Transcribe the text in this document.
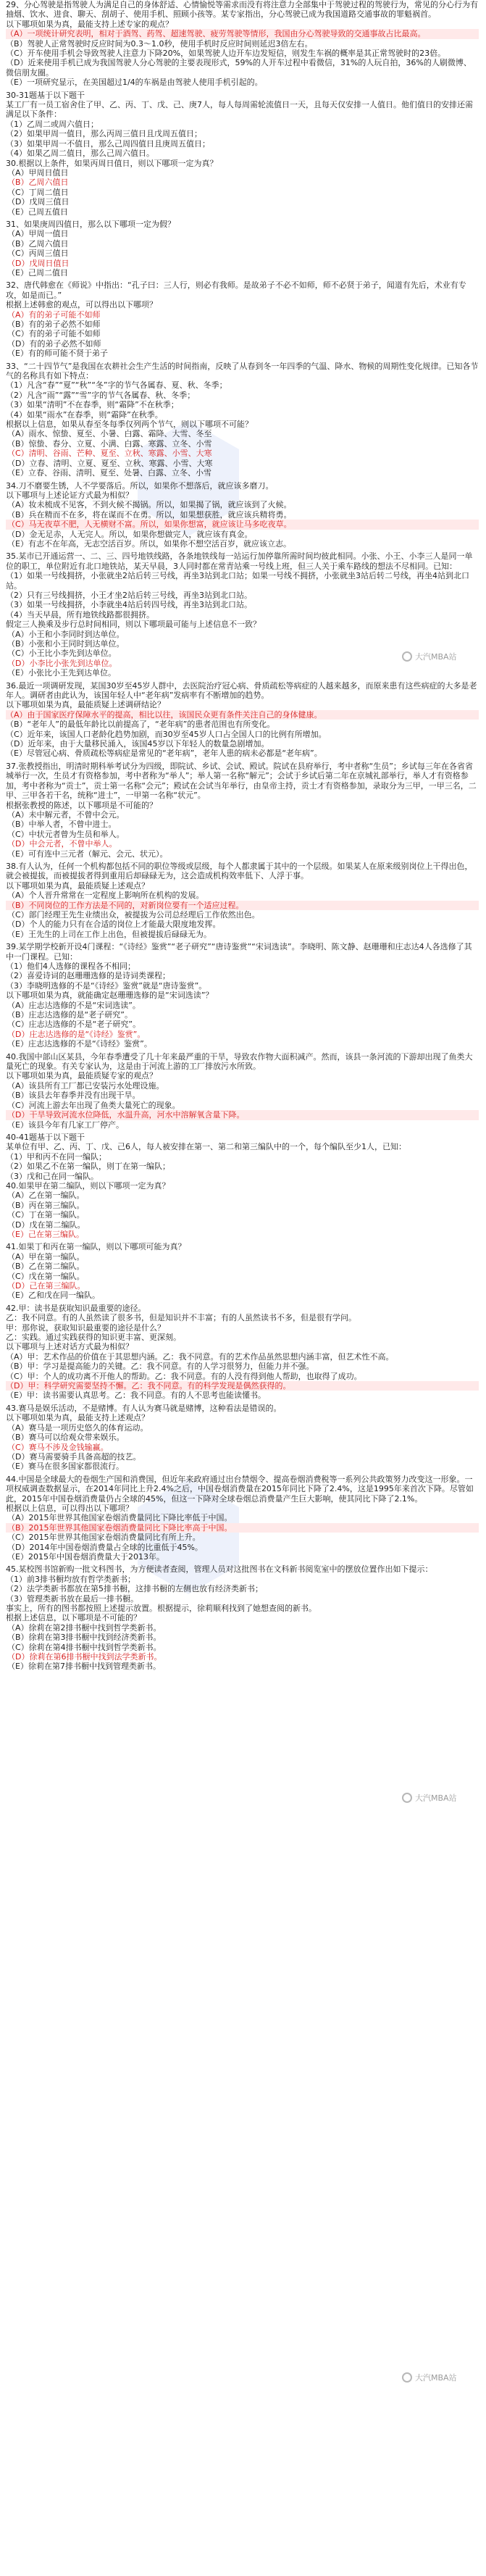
大汽MBA站
大汽MBA站
大汽MBA站
29、分心驾驶是指驾驶人为满足自己的身体舒适、心情愉悦等需求而没有将注意力全部集中于驾驶过程的驾驶行为，常见的分心行为有抽烟、饮水、进食、聊天、刮胡子、使用手机、照顾小孩等。某专家指出，分心驾驶已成为我国道路交通事故的罪魁祸首。
以下哪项如果为真，最能支持上述专家的观点？
（A）一项统计研究表明，相对于酒驾、药驾、超速驾驶、疲劳驾驶等情形，我国由分心驾驶导致的交通事故占比最高。
（B）驾驶人正常驾驶时反应时间为0.3～1.0秒，使用手机时反应时间则延迟3倍左右。
（C）开车使用手机会导致驾驶人注意力下降20%，如果驾驶人边开车边发短信，则发生车祸的概率是其正常驾驶时的23倍。
（D）近来使用手机已成为我国驾驶人分心驾驶的主要表现形式，59%的人开车过程中看微信，31%的人玩自拍，36%的人刷微博、微信朋友圈。
（E）一项研究显示，在美国超过1/4的车祸是由驾驶人使用手机引起的。
30-31题基于以下题干
某工厂有一员工宿舍住了甲、乙、丙、丁、戊、己、庚7人，每人每周需轮流值日一天，且每天仅安排一人值日。他们值日的安排还需满足以下条件：
（1）乙周二或周六值日；
（2）如果甲周一值日，那么丙周三值日且戊周五值日；
（3）如果甲周一不值日，那么己周四值日且庚周五值日；
（4）如果乙周二值日，那么己周六值日。
30.根据以上条件，如果丙周日值日，则以下哪项一定为真？
（A）甲周日值日
（B）乙周六值日
（C）丁周二值日
（D）戊周三值日
（E）己周五值日
31、如果庚周四值日，那么以下哪项一定为假？
（A）甲周一值日
（B）乙周六值日
（C）丙周三值日
（D）戊周日值日
（E）己周二值日
32、唐代韩愈在《师说》中指出：“孔子曰：三人行，则必有我师。是故弟子不必不如师，师不必贤于弟子，闻道有先后，术业有专攻，如是而已。”
根据上述韩愈的观点，可以得出以下哪项？
（A）有的弟子可能不如师
（B）有的弟子必然不如师
（C）有的弟子可能不如师
（D）有的弟子必然不如师
（E）有的师可能不贤于弟子
33、“二十四节气”是我国在农耕社会生产生活的时间指南，反映了从春到冬一年四季的气温、降水、物候的周期性变化规律。已知各节气的名称具有如下特点：
（1）凡含“春”“夏”“秋”“冬”字的节气各属春、夏、秋、冬季；
（2）凡含“雨”“露”“雪”字的节气各属春、秋、冬季；
（3）如果“清明”不在春季，则“霜降”不在秋季；
（4）如果“雨水”在春季，则“霜降”在秋季。
根据以上信息，如果从春至冬每季仅列两个节气，则以下哪项不可能？
（A）雨水、惊蛰、夏至、小暑、白露、霜降、大雪、冬至
（B）惊蛰、春分、立夏、小满、白露、寒露、立冬、小雪
（C）清明、谷雨、芒种、夏至、立秋、寒露、小雪、大寒
（D）立春、清明、立夏、夏至、立秋、寒露、小雪、大寒
（E）立春、谷雨、清明、夏至、处暑、白露、立冬、小雪
34.刀不磨要生锈，人不学要落后。所以，如果你不想落后，就应该多磨刀。
以下哪项与上述论证方式最为相似？
（A）妆未梳成不见客，不到火候不揭锅。所以，如果揭了锅，就应该到了火候。
（B）兵在精而不在多，将在谋而不在勇。所以，如果想获胜，就应该兵精将勇。
（C）马无夜草不肥，人无横财不富。所以，如果你想富，就应该让马多吃夜草。
（D）金无足赤，人无完人。所以，如果你想做完人，就应该有真金。
（E）有志不在年高，无志空活百岁。所以，如果你不想空活百岁，就应该立志。
35.某市已开通运营一、二、三、四号地铁线路，各条地铁线每一站运行加停靠所需时间均彼此相同。小张、小王、小李三人是同一单位的职工，单位附近有北口地铁站，某天早晨，3人同时都在常青站乘一号线上班，但三人关于乘车路线的想法不尽相同。已知：
（1）如果一号线拥挤，小张就坐2站后转三号线，再坐3站到北口站；如果一号线不拥挤，小张就坐3站后转二号线，再坐4站到北口站。
（2）只有三号线拥挤，小王才坐2站后转三号线，再坐3站到北口站。
（3）如果一号线拥挤，小李就坐4站后转四号线，再坐3站到北口站。
（4）当天早晨，所有地铁线路都很拥挤。
假定三人换乘及步行总时间相同，则以下哪项最可能与上述信息不一致？
（A）小王和小李同时到达单位。
（B）小张和小王同时到达单位。
（C）小王比小李先到达单位。
（D）小李比小张先到达单位。
（E）小张比小王先到达单位。
36.最近一项调研发现，某国30岁至45岁人群中，去医院治疗冠心病、骨质疏松等病症的人越来越多，而原来患有这些病症的大多是老年人。调研者由此认为，该国年轻人中“老年病”发病率有不断增加的趋势。
以下哪项如果为真，最能质疑上述调研结论？
（A）由于国家医疗保障水平的提高，相比以往，该国民众更有条件关注自己的身体健康。
（B）“老年人”的最低年龄比以前提高了，“老年病”的患者范围也有所变化。
（C）近年来，该国人口老龄化趋势加剧，而30岁至45岁人口占全国人口的比例有所增加。
（D）近年来，由于大量移民涌入，该国45岁以下年轻人的数量急剧增加。
（E）尽管冠心病、骨质疏松等病症是常见的“老年病”，老年人患的病未必都是“老年病”。
37.张教授指出，明清时期科举考试分为四级，即院试、乡试、会试、殿试。院试在县府举行，考中者称“生员”；乡试每三年在各省省城举行一次，生员才有资格参加，考中者称为“举人”；举人第一名称“解元”；会试于乡试后第二年在京城礼部举行，举人才有资格参加，考中者称为“贡士”，贡士第一名称“会元”；殿试在会试当年举行，由皇帝主持，贡士才有资格参加，录取分为三甲，一甲三名，二甲、三甲各若干名，统称“进士”，一甲第一名称“状元”。
根据张教授的陈述，以下哪项是不可能的？
（A）未中解元者，不曾中会元。
（B）中举人者，不曾中进士。
（C）中状元者曾为生员和举人。
（D）中会元者，不曾中举人。
（E）可有连中三元者（解元、会元、状元）。
38.有人认为，任何一个机构都包括不同的职位等级或层级，每个人都隶属于其中的一个层级。如果某人在原来级别岗位上干得出色，就会被提拔，而被提拔者得到重用后却碌碌无为，这会造成机构效率低下、人浮于事。
以下哪项如果为真，最能质疑上述观点？
（A）个人晋升常常在一定程度上影响所在机构的发展。
（B）不同岗位的工作方法是不同的，对新岗位要有一个适应过程。
（C）部门经理王先生业绩出众，被提拔为公司总经理后工作依然出色。
（D）个人的能力只有在合适的岗位上才能最大限度地发挥。
（E）王先生的上司在工作上出色，但被提拔后碌碌无为。
39.某学期学校新开设4门课程：“《诗经》鉴赏”“老子研究”“唐诗鉴赏”“宋词选读”。李晓明、陈文静、赵珊珊和庄志达4人各选修了其中一门课程。已知：
（1）他们4人选修的课程各不相同；
（2）喜爱诗词的赵珊珊选修的是诗词类课程；
（3）李晓明选修的不是“《诗经》鉴赏”就是“唐诗鉴赏”。
以下哪项如果为真，就能确定赵珊珊选修的是“宋词选读”？
（A）庄志达选修的不是“宋词选读”。
（B）庄志达选修的是“老子研究”。
（C）庄志达选修的不是“老子研究”。
（D）庄志达选修的是“《诗经》鉴赏”。
（E）庄志达选修的不是“《诗经》鉴赏”。
40.我国中部山区某县，今年春季遭受了几十年来最严重的干旱，导致农作物大面积减产。然而，该县一条河流的下游却出现了鱼类大量死亡的现象。有关专家认为，这是由于河流上游的工厂排放污水所致。
以下哪项如果为真，最能质疑专家的观点？
（A）该县所有工厂都已安装污水处理设施。
（B）该县去年春季并没有出现干旱。
（C）河流上游去年出现了鱼类大量死亡的现象。
（D）干旱导致河流水位降低，水温升高，河水中溶解氧含量下降。
（E）该县今年有几家工厂停产。
40-41题基于以下题干
某单位有甲、乙、丙、丁、戊、己6人，每人被安排在第一、第二和第三编队中的一个，每个编队至少1人，已知：
（1）甲和丙不在同一编队；
（2）如果乙不在第一编队，则丁在第一编队；
（3）戊和己在同一编队。
40.如果甲在第二编队，则以下哪项一定为真？
（A）乙在第一编队。
（B）丙在第三编队。
（C）丁在第一编队。
（D）戊在第二编队。
（E）己在第三编队。
41.如果丁和丙在第一编队，则以下哪项可能为真？
（A）甲在第一编队。
（B）乙在第二编队。
（C）戊在第一编队。
（D）己在第三编队。
（E）乙和戊在同一编队。
42.甲：读书是获取知识最重要的途径。
乙：我不同意。有的人虽然读了很多书，但是知识并不丰富；有的人虽然读书不多，但是很有学问。
甲：那你说，获取知识最重要的途径是什么？
乙：实践。通过实践获得的知识更丰富、更深刻。
以下哪项与上述对话方式最为相似？
（A）甲：艺术作品的价值在于其思想内涵。乙：我不同意。有的艺术作品虽然思想内涵丰富，但艺术性不高。
（B）甲：学习是提高能力的关键。乙：我不同意。有的人学习很努力，但能力并不强。
（C）甲：个人的成功离不开他人的帮助。乙：我不同意。有的人没有得到他人帮助，也取得了成功。
（D）甲：科学研究需要坚持不懈。乙：我不同意。有的科学发现是偶然获得的。
（E）甲：读书需要认真思考。乙：我不同意。有的人不思考也能读懂书。
43.赛马是娱乐活动，不是赌博。有人认为赛马就是赌博，这种看法是错误的。
以下哪项如果为真，最能支持上述观点？
（A）赛马是一项历史悠久的体育运动。
（B）赛马可以给观众带来娱乐。
（C）赛马不涉及金钱输赢。
（D）赛马需要骑手具备高超的技艺。
（E）赛马在很多国家都很流行。
44.中国是全球最大的卷烟生产国和消费国，但近年来政府通过出台禁烟令、提高卷烟消费税等一系列公共政策努力改变这一形象。一项权威调查数据显示，在2014年同比上升2.4%之后，中国卷烟消费量在2015年同比下降了2.4%，这是1995年来首次下降。尽管如此，2015年中国卷烟消费量仍占全球的45%，但这一下降对全球卷烟总消费量产生巨大影响，使其同比下降了2.1%。
根据以上信息，可以得出以下哪项？
（A）2015年世界其他国家卷烟消费量同比下降比率低于中国。
（B）2015年世界其他国家卷烟消费量同比下降比率高于中国。
（C）2015年世界其他国家卷烟消费量同比有所上升。
（D）2014年中国卷烟消费量占全球的比重低于45%。
（E）2015年中国卷烟消费量大于2013年。
45.某校图书馆新购一批文科图书，为方便读者查阅，管理人员对这批图书在文科新书阅览室中的摆放位置作出如下提示：
（1）前3排书橱均放有哲学类新书；
（2）法学类新书都放在第5排书橱，这排书橱的左侧也放有经济类新书；
（3）管理类新书放在最后一排书橱。
事实上，所有的图书都按照上述提示放置。根据提示，徐莉顺利找到了她想查阅的新书。
根据上述信息，以下哪项是不可能的？
（A）徐莉在第2排书橱中找到哲学类新书。
（B）徐莉在第3排书橱中找到经济类新书。
（C）徐莉在第4排书橱中找到哲学类新书。
（D）徐莉在第6排书橱中找到法学类新书。
（E）徐莉在第7排书橱中找到管理类新书。
